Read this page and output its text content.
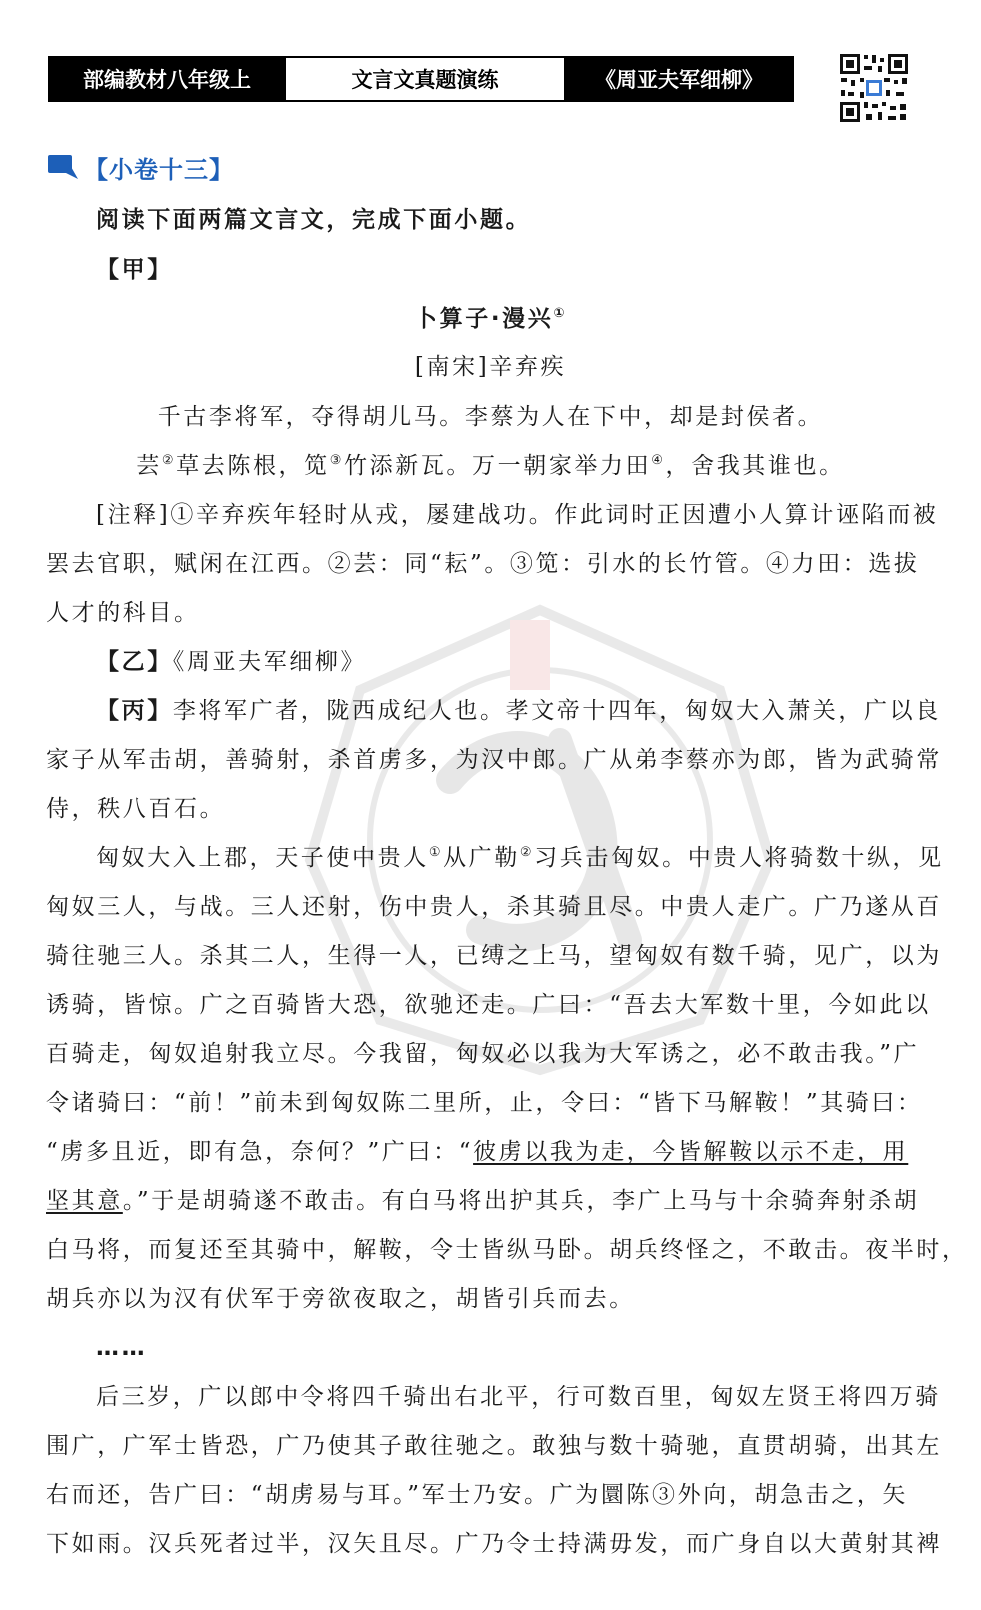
部编教材八年级上	文言文真题演练	《周亚夫军细柳》
【小卷十三】
阅读下面两篇文言文，完成下面小题。
【甲】
卜算子·漫兴①
[南宋]辛弃疾
千古李将军，夺得胡儿马。李蔡为人在下中，却是封侯者。
芸②草去陈根，笕③竹添新瓦。万一朝家举力田④，舍我其谁也。
[注释]①辛弃疾年轻时从戎，屡建战功。作此词时正因遭小人算计诬陷而被
罢去官职，赋闲在江西。②芸：同“耘”。③笕：引水的长竹管。④力田：选拔
人才的科目。
【乙】《周亚夫军细柳》
【丙】李将军广者，陇西成纪人也。孝文帝十四年，匈奴大入萧关，广以良
家子从军击胡，善骑射，杀首虏多，为汉中郎。广从弟李蔡亦为郎，皆为武骑常
侍，秩八百石。
匈奴大入上郡，天子使中贵人①从广勒②习兵击匈奴。中贵人将骑数十纵，见
匈奴三人，与战。三人还射，伤中贵人，杀其骑且尽。中贵人走广。广乃遂从百
骑往驰三人。杀其二人，生得一人，已缚之上马，望匈奴有数千骑，见广，以为
诱骑，皆惊。广之百骑皆大恐，欲驰还走。广曰：“吾去大军数十里，今如此以
百骑走，匈奴追射我立尽。今我留，匈奴必以我为大军诱之，必不敢击我。”广
令诸骑曰：“前！”前未到匈奴陈二里所，止，令曰：“皆下马解鞍！”其骑曰：
“虏多且近，即有急，奈何？”广曰：“彼虏以我为走，今皆解鞍以示不走，用
坚其意。”于是胡骑遂不敢击。有白马将出护其兵，李广上马与十余骑奔射杀胡
白马将，而复还至其骑中，解鞍，令士皆纵马卧。胡兵终怪之，不敢击。夜半时，
胡兵亦以为汉有伏军于旁欲夜取之，胡皆引兵而去。
……
后三岁，广以郎中令将四千骑出右北平，行可数百里，匈奴左贤王将四万骑
围广，广军士皆恐，广乃使其子敢往驰之。敢独与数十骑驰，直贯胡骑，出其左
右而还，告广曰：“胡虏易与耳。”军士乃安。广为圜陈③外向，胡急击之，矢
下如雨。汉兵死者过半，汉矢且尽。广乃令士持满毋发，而广身自以大黄射其裨
